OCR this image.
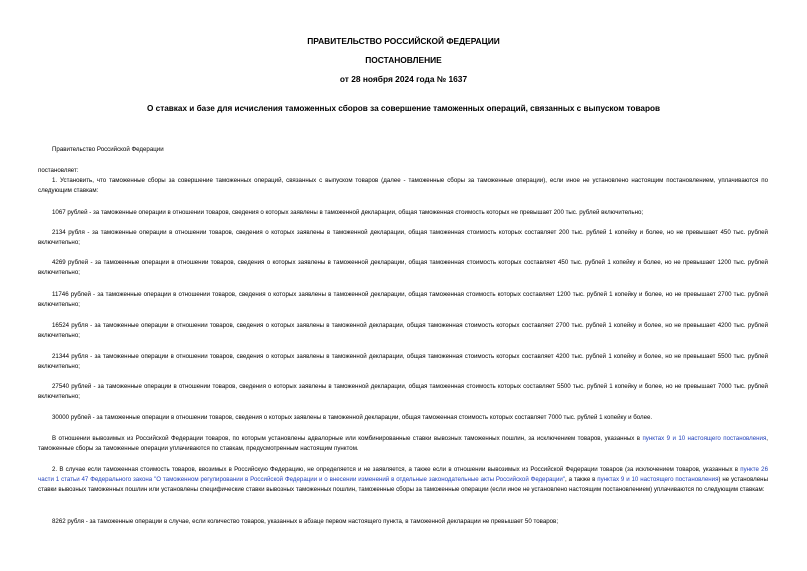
ПРАВИТЕЛЬСТВО РОССИЙСКОЙ ФЕДЕРАЦИИ
ПОСТАНОВЛЕНИЕ
от 28 ноября 2024 года № 1637
О ставках и базе для исчисления таможенных сборов за совершение таможенных операций, связанных с выпуском товаров
Правительство Российской Федерации
постановляет:
1. Установить, что таможенные сборы за совершение таможенных операций, связанных с выпуском товаров (далее - таможенные сборы за таможенные операции), если иное не установлено настоящим постановлением, уплачиваются по следующим ставкам:
1067 рублей - за таможенные операции в отношении товаров, сведения о которых заявлены в таможенной декларации, общая таможенная стоимость которых не превышает 200 тыс. рублей включительно;
2134 рубля - за таможенные операции в отношении товаров, сведения о которых заявлены в таможенной декларации, общая таможенная стоимость которых составляет 200 тыс. рублей 1 копейку и более, но не превышает 450 тыс. рублей включительно;
4269 рублей - за таможенные операции в отношении товаров, сведения о которых заявлены в таможенной декларации, общая таможенная стоимость которых составляет 450 тыс. рублей 1 копейку и более, но не превышает 1200 тыс. рублей включительно;
11746 рублей - за таможенные операции в отношении товаров, сведения о которых заявлены в таможенной декларации, общая таможенная стоимость которых составляет 1200 тыс. рублей 1 копейку и более, но не превышает 2700 тыс. рублей включительно;
16524 рубля - за таможенные операции в отношении товаров, сведения о которых заявлены в таможенной декларации, общая таможенная стоимость которых составляет 2700 тыс. рублей 1 копейку и более, но не превышает 4200 тыс. рублей включительно;
21344 рубля - за таможенные операции в отношении товаров, сведения о которых заявлены в таможенной декларации, общая таможенная стоимость которых составляет 4200 тыс. рублей 1 копейку и более, но не превышает 5500 тыс. рублей включительно;
27540 рублей - за таможенные операции в отношении товаров, сведения о которых заявлены в таможенной декларации, общая таможенная стоимость которых составляет 5500 тыс. рублей 1 копейку и более, но не превышает 7000 тыс. рублей включительно;
30000 рублей - за таможенные операции в отношении товаров, сведения о которых заявлены в таможенной декларации, общая таможенная стоимость которых составляет 7000 тыс. рублей 1 копейку и более.
В отношении вывозимых из Российской Федерации товаров, по которым установлены адвалорные или комбинированные ставки вывозных таможенных пошлин, за исключением товаров, указанных в пунктах 9 и 10 настоящего постановления, таможенные сборы за таможенные операции уплачиваются по ставкам, предусмотренным настоящим пунктом.
2. В случае если таможенная стоимость товаров, ввозимых в Российскую Федерацию, не определяется и не заявляется, а также если в отношении вывозимых из Российской Федерации товаров (за исключением товаров, указанных в пункте 26 части 1 статьи 47 Федерального закона "О таможенном регулировании в Российской Федерации и о внесении изменений в отдельные законодательные акты Российской Федерации", а также в пунктах 9 и 10 настоящего постановления) не установлены ставки вывозных таможенных пошлин или установлены специфические ставки вывозных таможенных пошлин, таможенные сборы за таможенные операции (если иное не установлено настоящим постановлением) уплачиваются по следующим ставкам:
8262 рубля - за таможенные операции в случае, если количество товаров, указанных в абзаце первом настоящего пункта, в таможенной декларации не превышает 50 товаров;
